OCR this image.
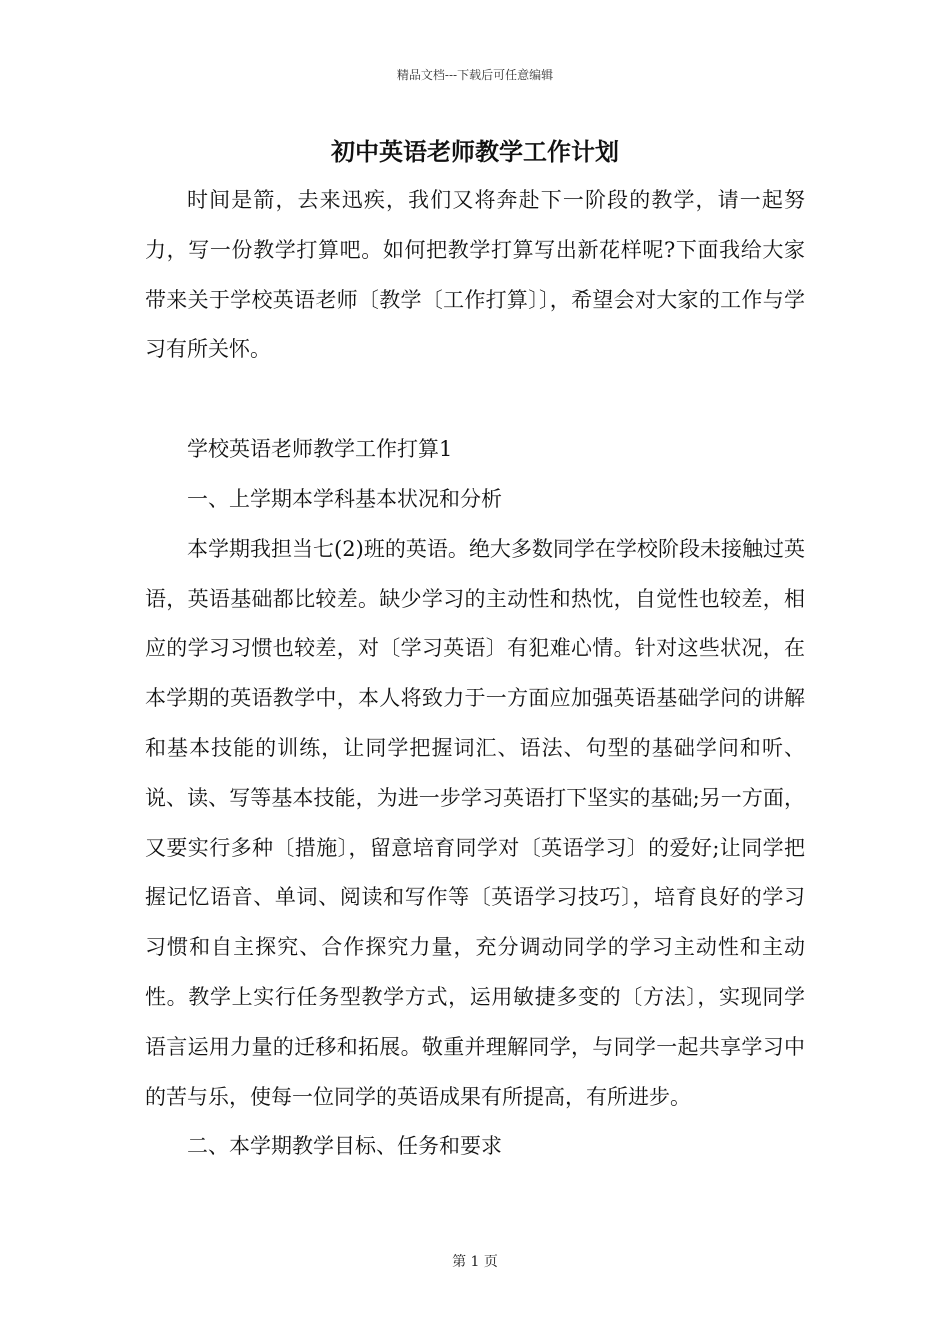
精品文档---下载后可任意编辑
初中英语老师教学工作计划

时间是箭，去来迅疾，我们又将奔赴下一阶段的教学，请一起努力，写一份教学打算吧。如何把教学打算写出新花样呢?下面我给大家带来关于学校英语老师〔教学〔工作打算〕〕，希望会对大家的工作与学习有所关怀。

学校英语老师教学工作打算1

一、上学期本学科基本状况和分析

本学期我担当七(2)班的英语。绝大多数同学在学校阶段未接触过英语，英语基础都比较差。缺少学习的主动性和热忱，自觉性也较差，相应的学习习惯也较差，对〔学习英语〕有犯难心情。针对这些状况，在本学期的英语教学中，本人将致力于一方面应加强英语基础学问的讲解和基本技能的训练，让同学把握词汇、语法、句型的基础学问和听、说、读、写等基本技能，为进一步学习英语打下坚实的基础;另一方面，又要实行多种〔措施〕，留意培育同学对〔英语学习〕的爱好;让同学把握记忆语音、单词、阅读和写作等〔英语学习技巧〕，培育良好的学习习惯和自主探究、合作探究力量，充分调动同学的学习主动性和主动性。教学上实行任务型教学方式，运用敏捷多变的〔方法〕，实现同学语言运用力量的迁移和拓展。敬重并理解同学，与同学一起共享学习中的苦与乐，使每一位同学的英语成果有所提高，有所进步。

二、本学期教学目标、任务和要求

第 1 页
